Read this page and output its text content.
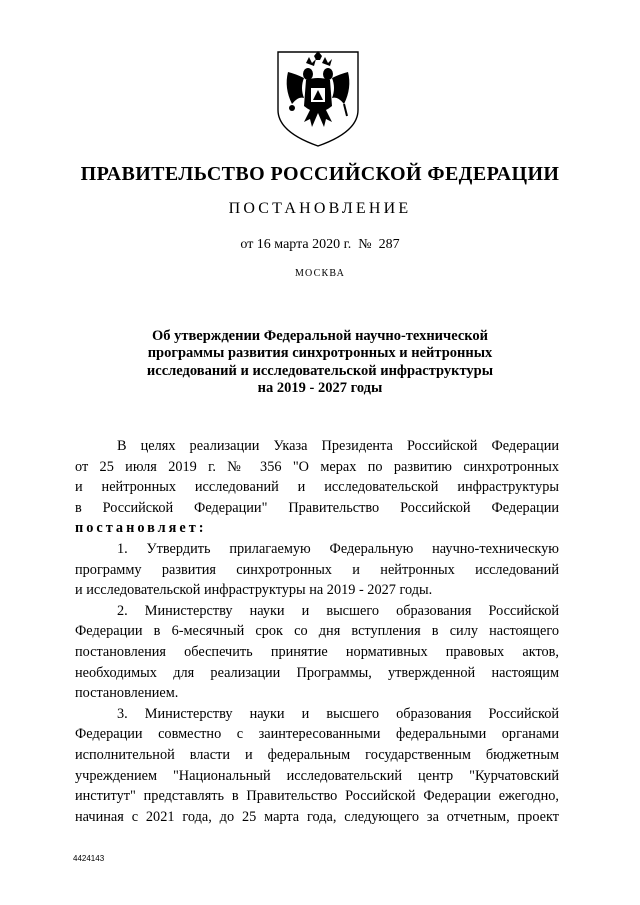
ПРАВИТЕЛЬСТВО РОССИЙСКОЙ ФЕДЕРАЦИИ
ПОСТАНОВЛЕНИЕ
от 16 марта 2020 г.  №  287
МОСКВА
Об утверждении Федеральной научно-технической
программы развития синхротронных и нейтронных
исследований и исследовательской инфраструктуры
на 2019 - 2027 годы
В целях реализации Указа Президента Российской Федерации
от 25 июля 2019 г. № 356 "О мерах по развитию синхротронных
и нейтронных исследований и исследовательской инфраструктуры
в Российской Федерации" Правительство Российской Федерации
постановляет:
1. Утвердить прилагаемую Федеральную научно-техническую
программу развития синхротронных и нейтронных исследований
и исследовательской инфраструктуры на 2019 - 2027 годы.
2. Министерству науки и высшего образования Российской
Федерации в 6-месячный срок со дня вступления в силу настоящего
постановления обеспечить принятие нормативных правовых актов,
необходимых для реализации Программы, утвержденной настоящим
постановлением.
3. Министерству науки и высшего образования Российской
Федерации совместно с заинтересованными федеральными органами
исполнительной власти и федеральным государственным бюджетным
учреждением "Национальный исследовательский центр "Курчатовский
институт" представлять в Правительство Российской Федерации ежегодно,
начиная с 2021 года, до 25 марта года, следующего за отчетным, проект
4424143
